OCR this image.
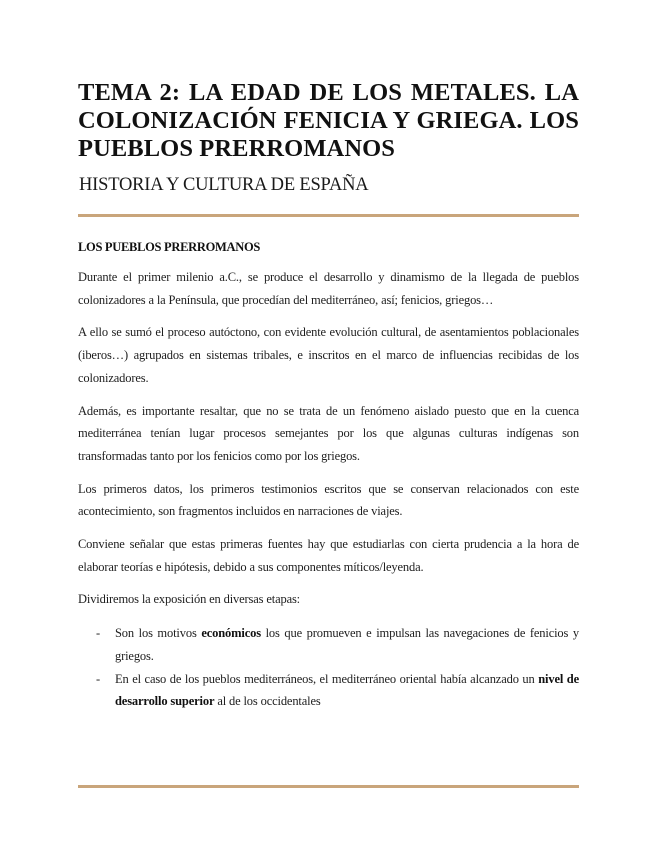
TEMA 2: LA EDAD DE LOS METALES. LA COLONIZACIÓN FENICIA Y GRIEGA. LOS PUEBLOS PRERROMANOS
HISTORIA Y CULTURA DE ESPAÑA
LOS PUEBLOS PRERROMANOS

Durante el primer milenio a.C., se produce el desarrollo y dinamismo de la llegada de pueblos colonizadores a la Península, que procedían del mediterráneo, así; fenicios, griegos…

A ello se sumó el proceso autóctono, con evidente evolución cultural, de asentamientos poblacionales (iberos…) agrupados en sistemas tribales, e inscritos en el marco de influencias recibidas de los colonizadores.

Además, es importante resaltar, que no se trata de un fenómeno aislado puesto que en la cuenca mediterránea tenían lugar procesos semejantes por los que algunas culturas indígenas son transformadas tanto por los fenicios como por los griegos.

Los primeros datos, los primeros testimonios escritos que se conservan relacionados con este acontecimiento, son fragmentos incluidos en narraciones de viajes.

Conviene señalar que estas primeras fuentes hay que estudiarlas con cierta prudencia a la hora de elaborar teorías e hipótesis, debido a sus componentes míticos/leyenda.

Dividiremos la exposición en diversas etapas:

- Son los motivos económicos los que promueven e impulsan las navegaciones de fenicios y griegos.
- En el caso de los pueblos mediterráneos, el mediterráneo oriental había alcanzado un nivel de desarrollo superior al de los occidentales
